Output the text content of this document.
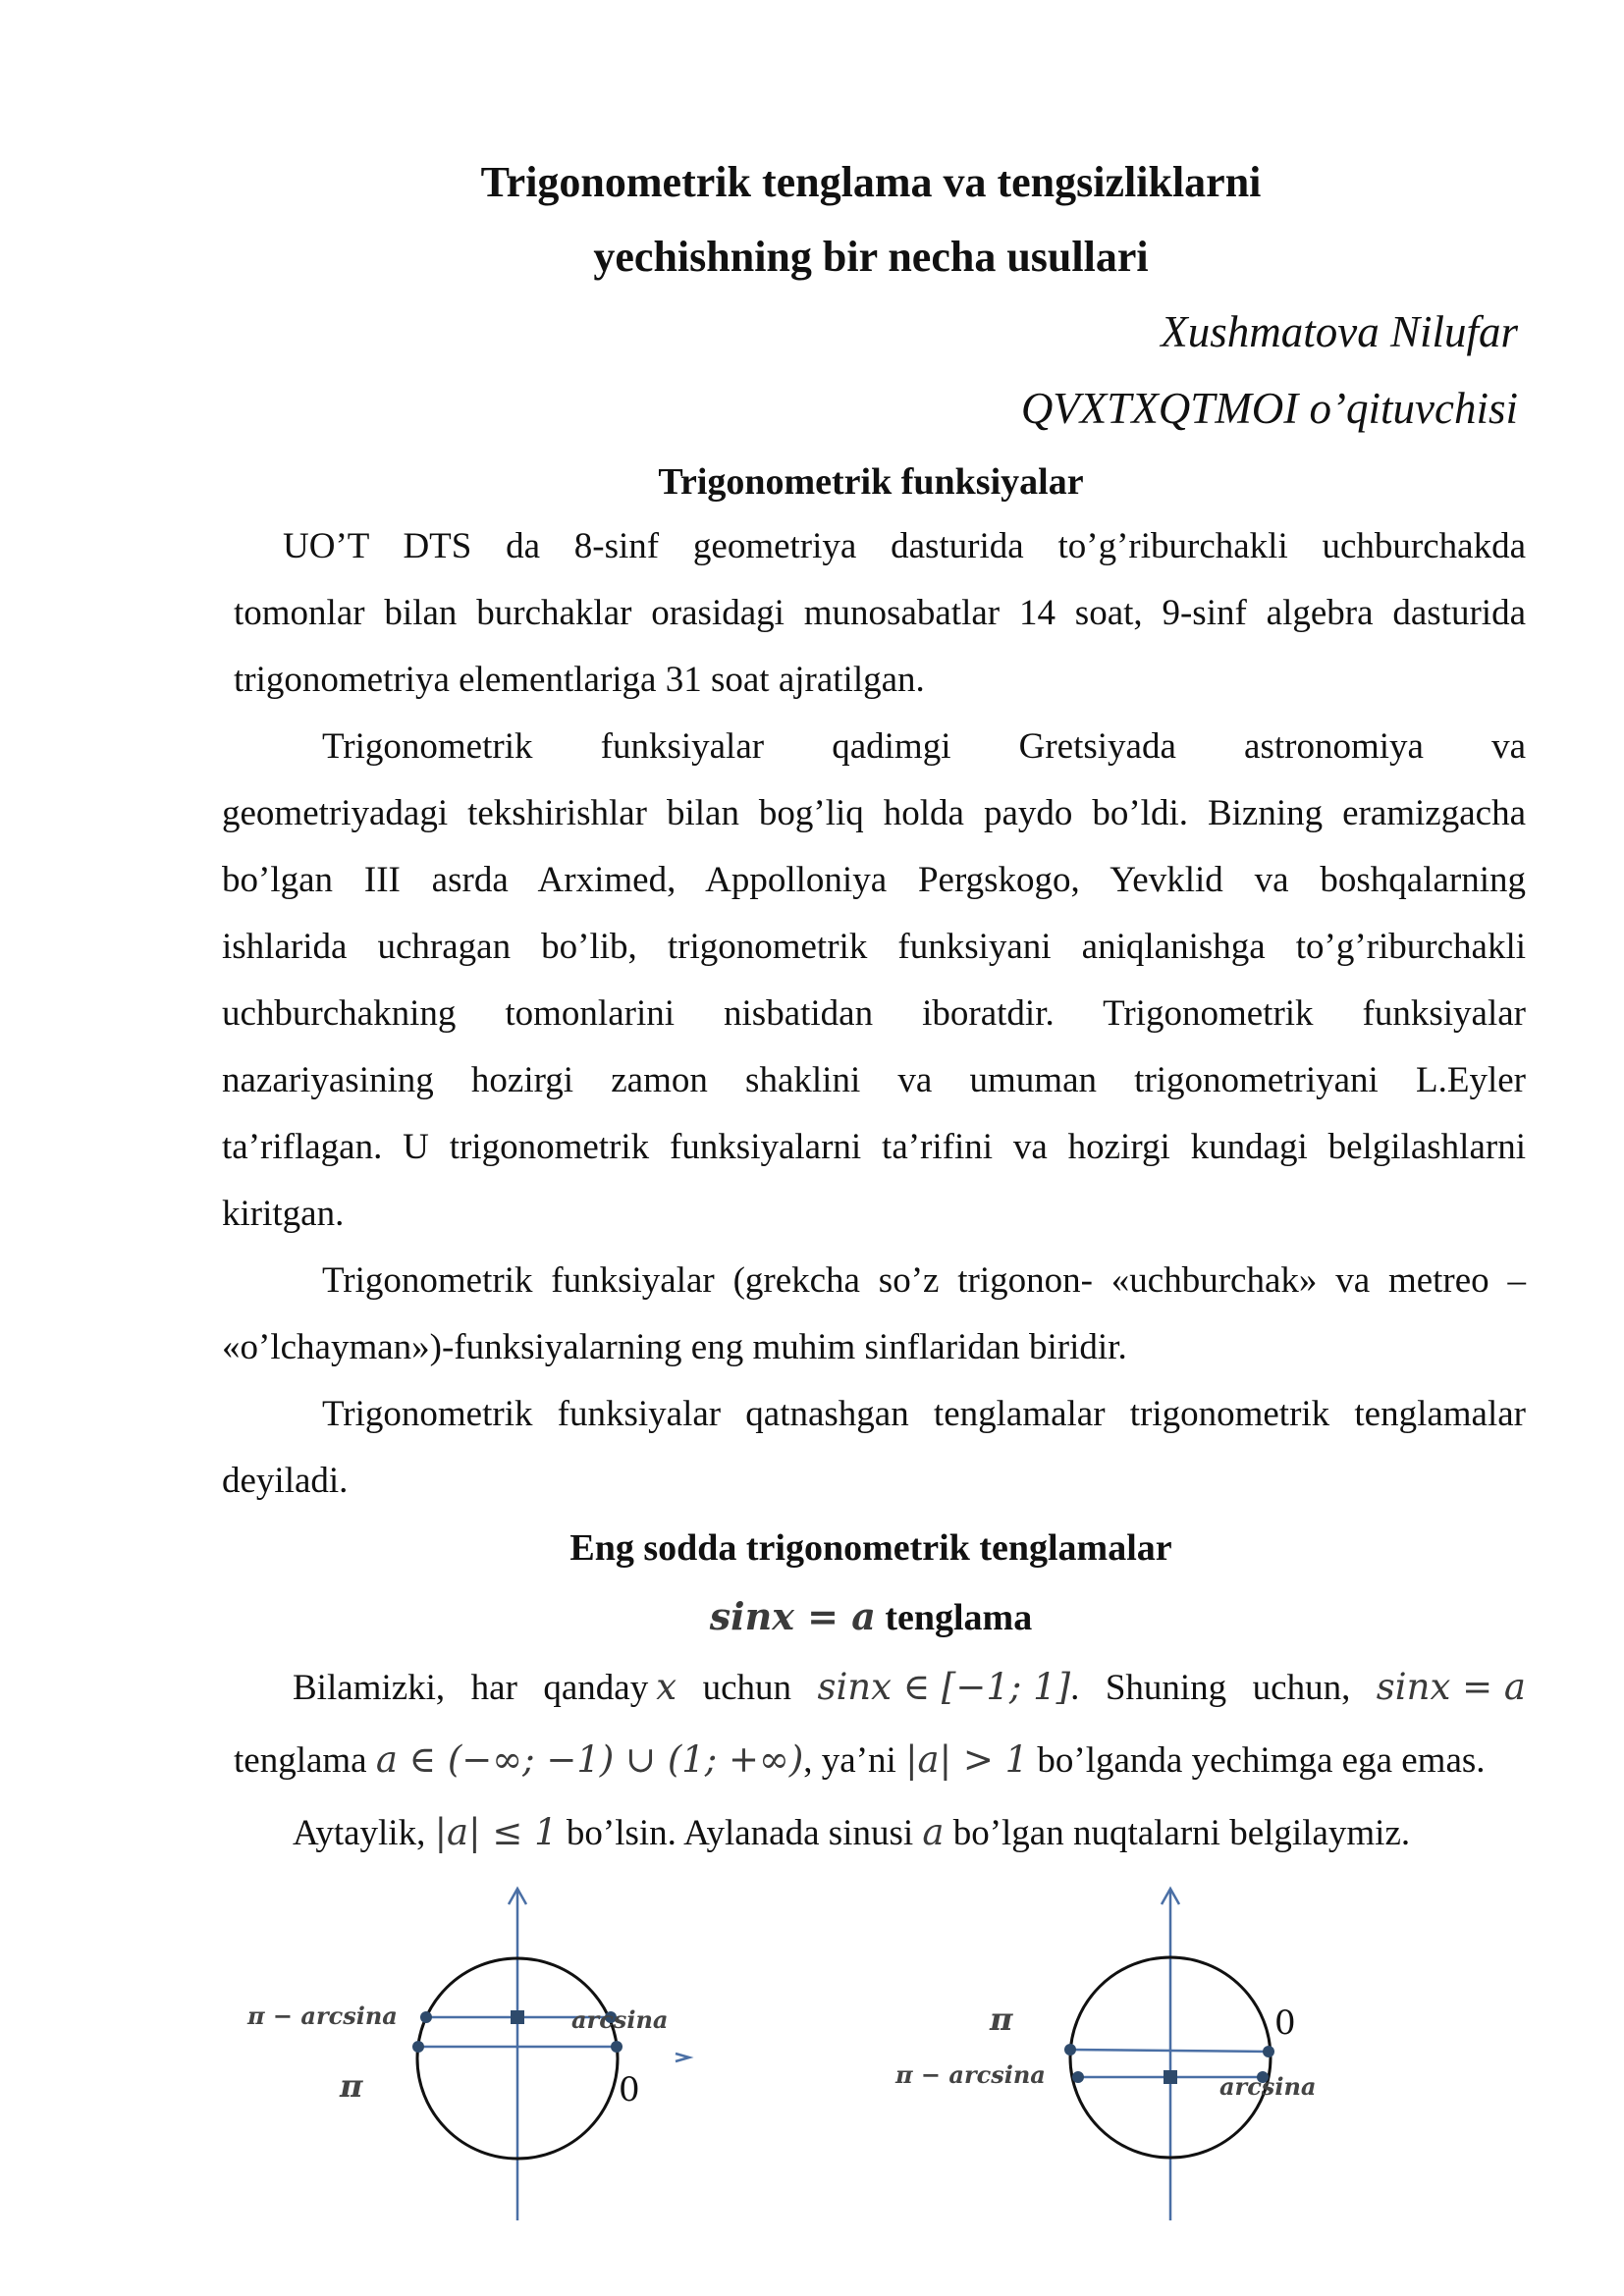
Trigonometrik tenglama va tengsizliklarni

yechishning bir necha usullari

Xushmatova Nilufar

QVXTXQTMOI o’qituvchisi

Trigonometrik funksiyalar

UO’T DTS da 8-sinf geometriya dasturida to’g’riburchakli uchburchakda

tomonlar bilan burchaklar orasidagi munosabatlar 14 soat, 9-sinf algebra dasturida

trigonometriya elementlariga 31 soat ajratilgan.

Trigonometrik funksiyalar qadimgi Gretsiyada astronomiya va

geometriyadagi tekshirishlar bilan bog’liq holda paydo bo’ldi. Bizning eramizgacha

bo’lgan III asrda Arximed, Appolloniya Pergskogo, Yevklid va boshqalarning

ishlarida uchragan bo’lib, trigonometrik funksiyani aniqlanishga to’g’riburchakli

uchburchakning tomonlarini nisbatidan iboratdir. Trigonometrik funksiyalar

nazariyasining hozirgi zamon shaklini va umuman trigonometriyani L.Eyler

ta’riflagan. U trigonometrik funksiyalarni ta’rifini va hozirgi kundagi belgilashlarni

kiritgan.

Trigonometrik funksiyalar (grekcha so’z trigonon- «uchburchak» va metreo –

«o’lchayman»)-funksiyalarning eng muhim sinflaridan biridir.

Trigonometrik funksiyalar qatnashgan tenglamalar trigonometrik tenglamalar

deyiladi.

Eng sodda trigonometrik tenglamalar

sinx = a tenglama

Bilamizki, har qanday x uchun sinx ∈ [−1; 1]. Shuning uchun, sinx = a

tenglama a ∈ (−∞; −1) ∪ (1; +∞), ya’ni |a| > 1 bo’lganda yechimga ega emas.

Aytaylik, |a| ≤ 1 bo’lsin. Aylanada sinusi a bo’lgan nuqtalarni belgilaymiz.

π − arcsina	arcsina
π	0
π	0
π − arcsina	arcsina
